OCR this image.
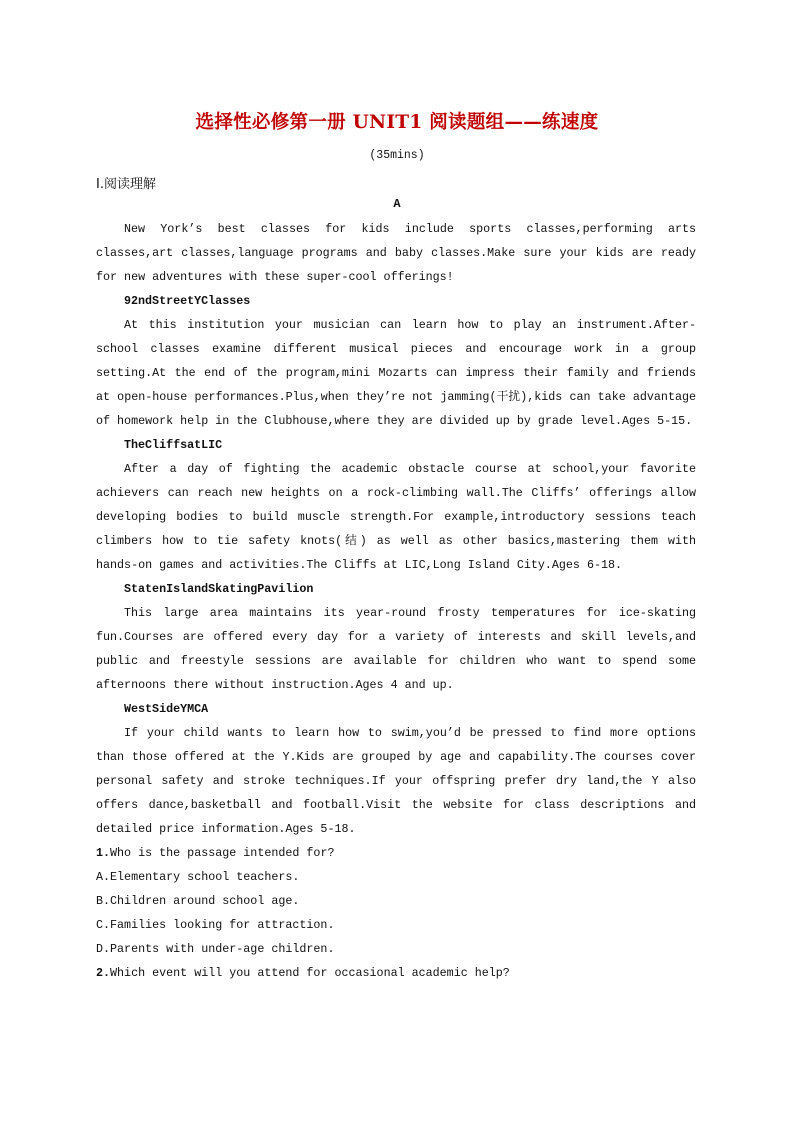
选择性必修第一册 UNIT1 阅读题组——练速度
(35mins)
Ⅰ.阅读理解
A

New York’s best classes for kids include sports classes,performing arts classes,art classes,language programs and baby classes.Make sure your kids are ready for new adventures with these super-cool offerings!

92ndStreetYClasses

At this institution your musician can learn how to play an instrument.After-school classes examine different musical pieces and encourage work in a group setting.At the end of the program,mini Mozarts can impress their family and friends at open-house performances.Plus,when they’re not jamming(干扰),kids can take advantage of homework help in the Clubhouse,where they are divided up by grade level.Ages 5-15.

TheCliffsatLIC

After a day of fighting the academic obstacle course at school,your favorite achievers can reach new heights on a rock-climbing wall.The Cliffs’ offerings allow developing bodies to build muscle strength.For example,introductory sessions teach climbers how to tie safety knots(结) as well as other basics,mastering them with hands-on games and activities.The Cliffs at LIC,Long Island City.Ages 6-18.

StatenIslandSkatingPavilion

This large area maintains its year-round frosty temperatures for ice-skating fun.Courses are offered every day for a variety of interests and skill levels,and public and freestyle sessions are available for children who want to spend some afternoons there without instruction.Ages 4 and up.

WestSideYMCA

If your child wants to learn how to swim,you’d be pressed to find more options than those offered at the Y.Kids are grouped by age and capability.The courses cover personal safety and stroke techniques.If your offspring prefer dry land,the Y also offers dance,basketball and football.Visit the website for class descriptions and detailed price information.Ages 5-18.

1.Who is the passage intended for?

A.Elementary school teachers.

B.Children around school age.

C.Families looking for attraction.

D.Parents with under-age children.

2.Which event will you attend for occasional academic help?
